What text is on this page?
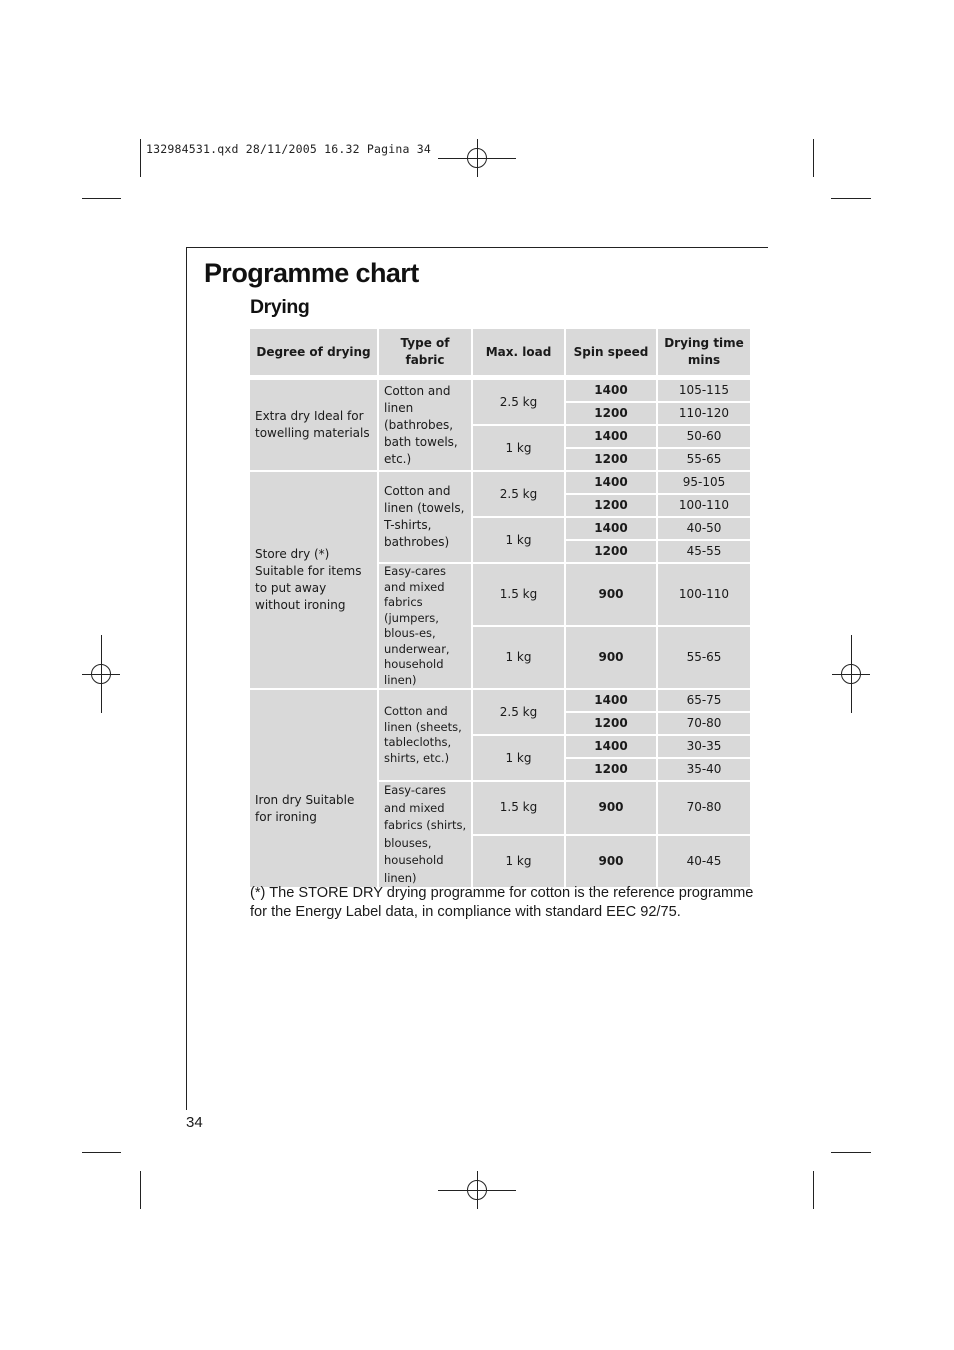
132984531.qxd 28/11/2005 16.32 Pagina 34
Programme chart
Drying
Degree of drying	Type of fabric	Max. load	Spin speed	Drying time mins

Extra dry Ideal for towelling materials	Cotton and linen (bathrobes, bath towels, etc.)	2.5 kg	1400	105-115
			1200	110-120
		1 kg	1400	50-60
			1200	55-65
Store dry (*) Suitable for items to put away without ironing	Cotton and linen (towels, T-shirts, bathrobes)	2.5 kg	1400	95-105
			1200	100-110
		1 kg	1400	40-50
			1200	45-55
	Easy-cares and mixed fabrics (jumpers, blous-es, underwear, household linen)	1.5 kg	900	100-110
		1 kg	900	55-65
Iron dry Suitable for ironing	Cotton and linen (sheets, tablecloths, shirts, etc.)	2.5 kg	1400	65-75
			1200	70-80
		1 kg	1400	30-35
			1200	35-40
	Easy-cares and mixed fabrics (shirts, blouses, household linen)	1.5 kg	900	70-80
		1 kg	900	40-45
(*) The STORE DRY drying programme for cotton is the reference programme for the Energy Label data, in compliance with standard EEC 92/75.
34
